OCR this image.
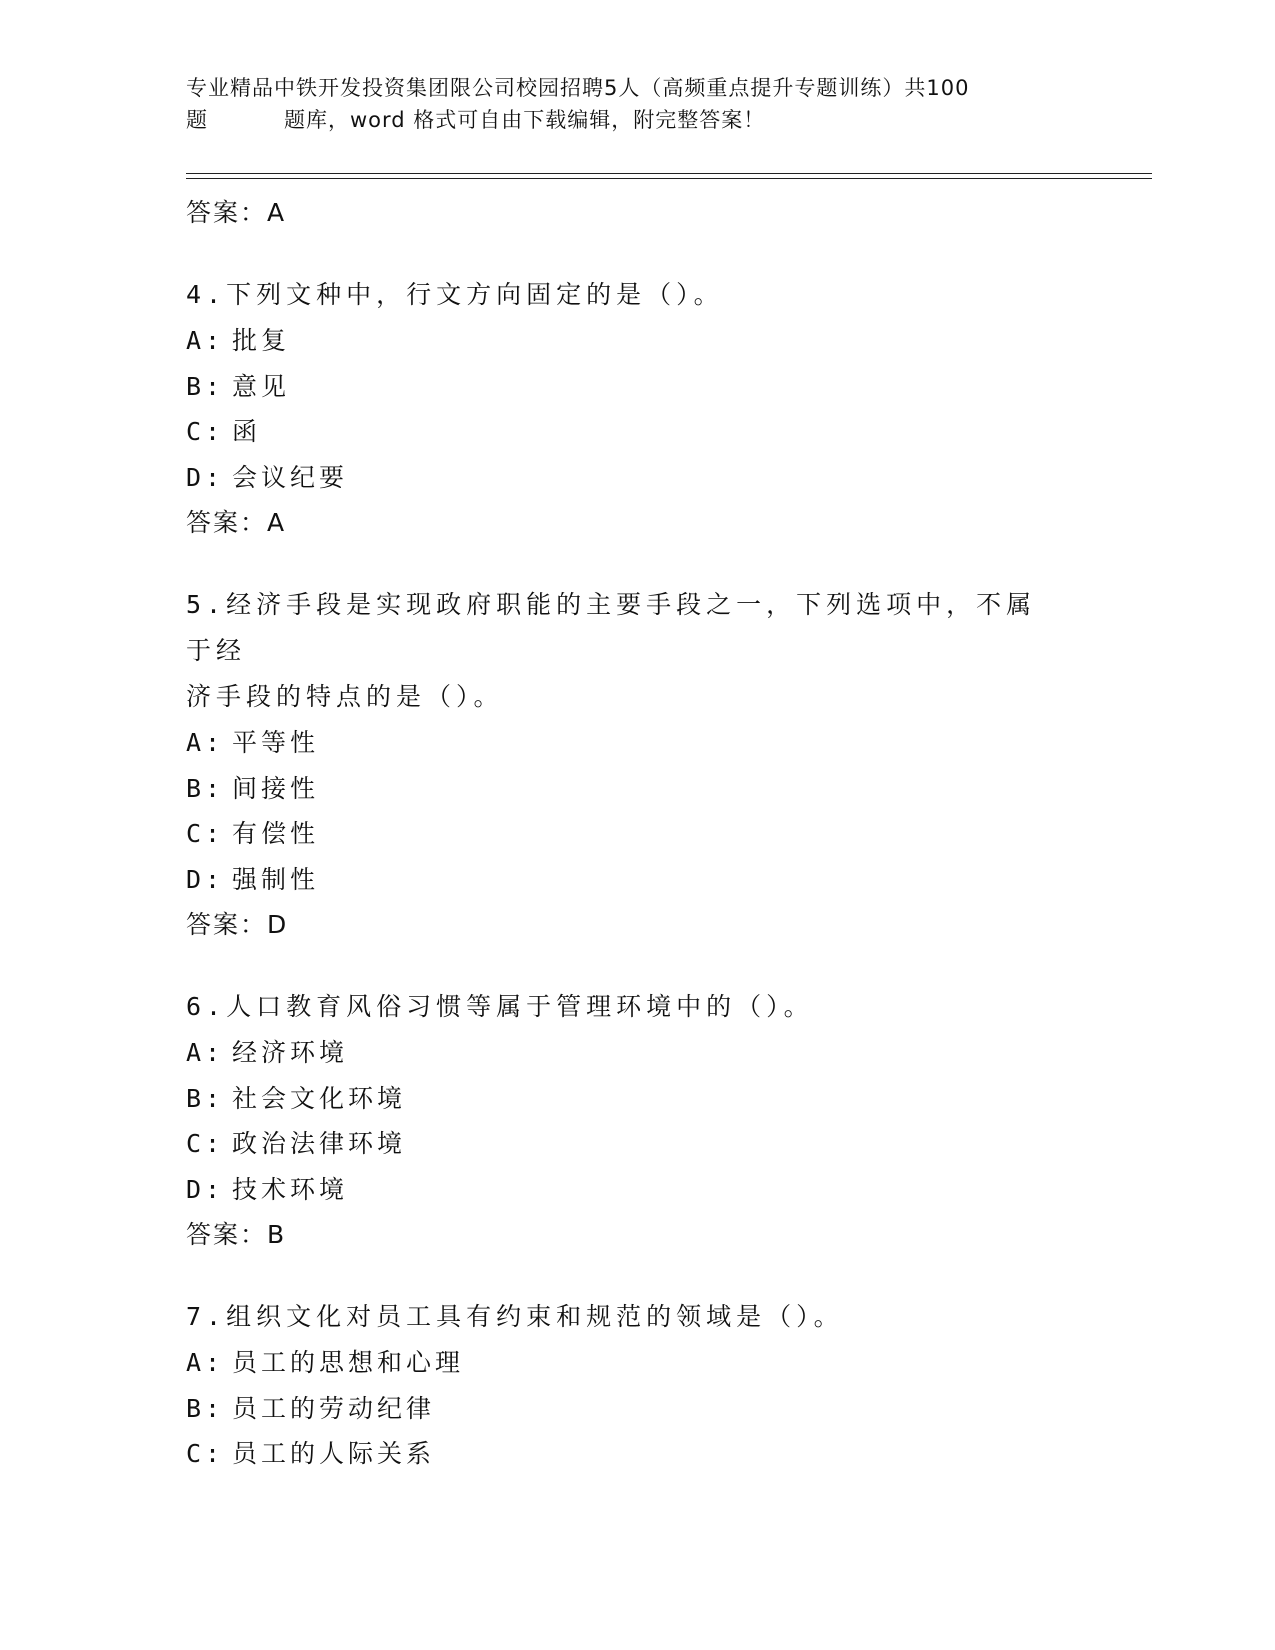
专业精品中铁开发投资集团限公司校园招聘5人（高频重点提升专题训练）共100
题	题库，word 格式可自由下载编辑，附完整答案！
答案：A

4.下列文种中，行文方向固定的是（）。

A: 批复
B: 意见
C: 函
D: 会议纪要
答案：A

5.经济手段是实现政府职能的主要手段之一，下列选项中，不属于经

济手段的特点的是（）。

A: 平等性
B: 间接性
C: 有偿性
D: 强制性
答案：D

6.人口教育风俗习惯等属于管理环境中的（）。

A: 经济环境
B: 社会文化环境
C: 政治法律环境
D: 技术环境
答案：B

7.组织文化对员工具有约束和规范的领域是（）。

A: 员工的思想和心理
B: 员工的劳动纪律
C: 员工的人际关系
